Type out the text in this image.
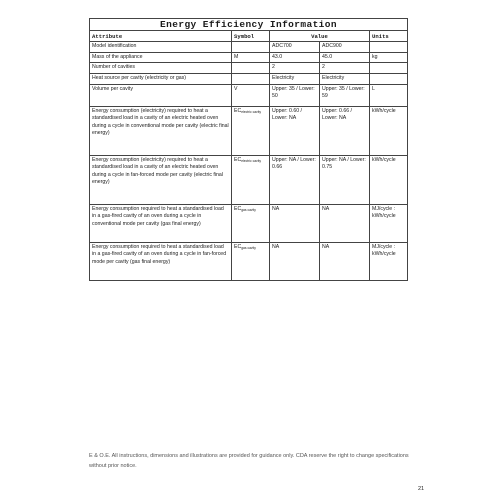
Energy Efficiency Information				
Attribute	Symbol	Value		Units
Model identification		ADC700	ADC900	
Mass of the appliance	M	43.0	45.0	kg
Number of cavities		2	2	
Heat source per cavity (electricity or gas)		Electricity	Electricity	
Volume per cavity	V	Upper: 35 / Lower: 50	Upper: 35 / Lower: 59	L
Energy consumption (electricity) required to heat a standardised load in a cavity of an electric heated oven during a cycle in conventional mode per cavity (electric final energy)	$EC_{electric cavity}$	Upper: 0.60 / Lower: NA	Upper: 0.66 / Lower: NA	kWh/cycle
Energy consumption (electricity) required to heat a standardised load in a cavity of an electric heated oven during a cycle in fan-forced mode per cavity (electric final energy)	$EC_{electric cavity}$	Upper: NA / Lower: 0.66	Upper: NA / Lower: 0.75	kWh/cycle
Energy consumption required to heat a standardised load in a gas-fired cavity of an oven during a cycle in conventional mode per cavity (gas final energy)	$EC_{gas cavity}$	NA	NA	MJ/cycle : kWh/cycle
Energy consumption required to heat a standardised load in a gas-fired cavity of an oven during a cycle in fan-forced mode per cavity (gas final energy)	$EC_{gas cavity}$	NA	NA	MJ/cycle : kWh/cycle
E & O.E. All instructions, dimensions and illustrations are provided for guidance only. CDA reserve the right to change specifications without prior notice.
21
